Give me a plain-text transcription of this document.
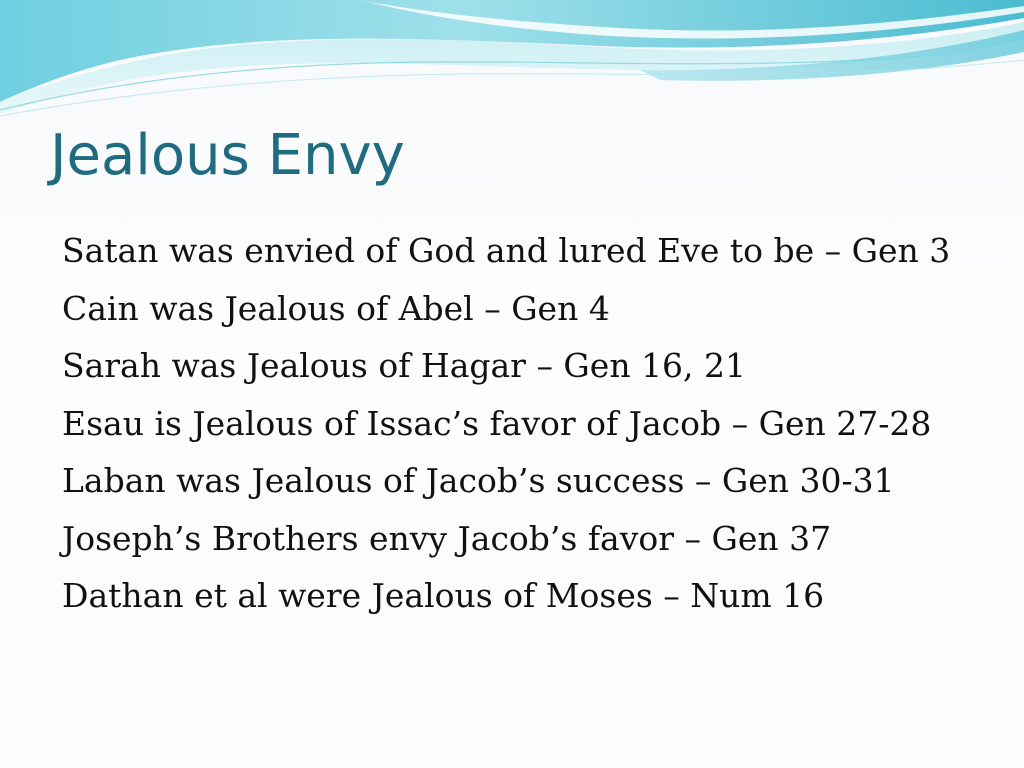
Jealous Envy
Satan was envied of God and lured Eve to be – Gen 3
Cain was Jealous of Abel – Gen 4
Sarah was Jealous of Hagar – Gen 16, 21
Esau is Jealous of Issac’s favor of Jacob – Gen 27-28
Laban was Jealous of Jacob’s success – Gen 30-31
Joseph’s Brothers envy Jacob’s favor – Gen 37
Dathan et al were Jealous of Moses – Num 16
